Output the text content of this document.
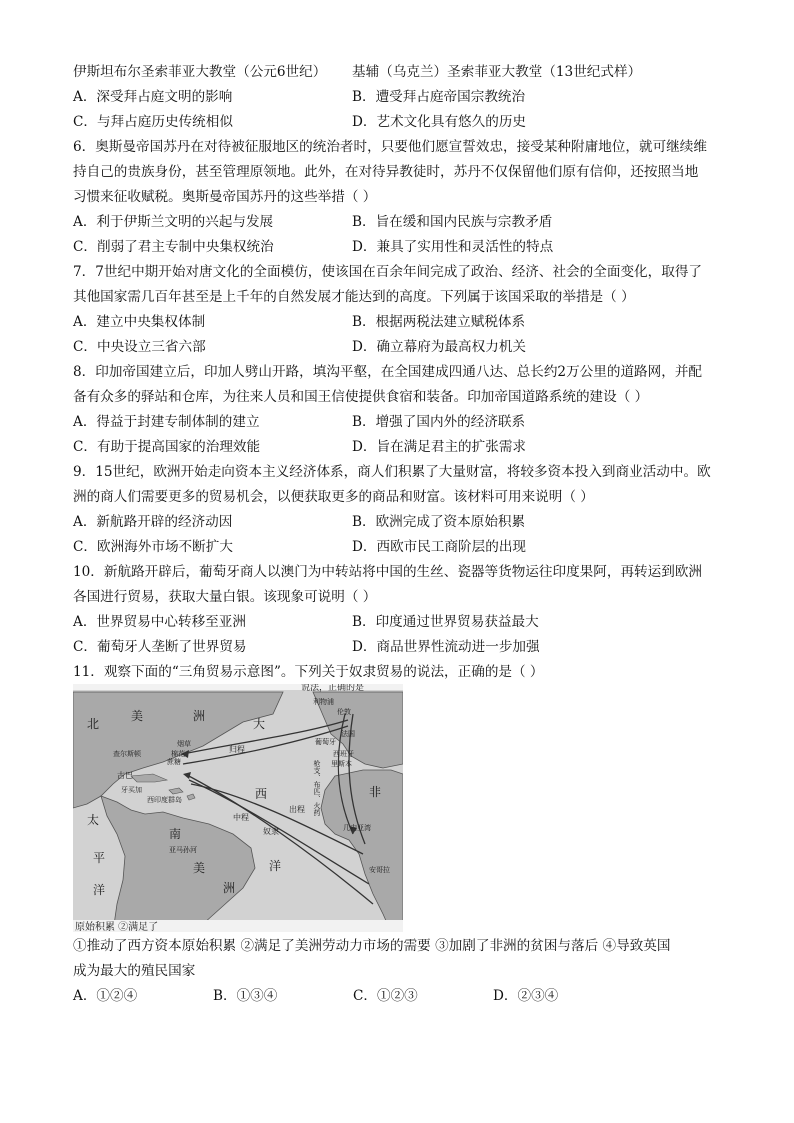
伊斯坦布尔圣索菲亚大教堂（公元6世纪） 基辅（乌克兰）圣索菲亚大教堂（13世纪式样）
A．深受拜占庭文明的影响	B．遭受拜占庭帝国宗教统治
C．与拜占庭历史传统相似	D．艺术文化具有悠久的历史
6．奥斯曼帝国苏丹在对待被征服地区的统治者时，只要他们愿宣誓效忠，接受某种附庸地位，就可继续维
持自己的贵族身份，甚至管理原领地。此外，在对待异教徒时，苏丹不仅保留他们原有信仰，还按照当地
习惯来征收赋税。奥斯曼帝国苏丹的这些举措（ ）
A．利于伊斯兰文明的兴起与发展	B．旨在缓和国内民族与宗教矛盾
C．削弱了君主专制中央集权统治	D．兼具了实用性和灵活性的特点
7．7世纪中期开始对唐文化的全面模仿，使该国在百余年间完成了政治、经济、社会的全面变化，取得了
其他国家需几百年甚至是上千年的自然发展才能达到的高度。下列属于该国采取的举措是（ ）
A．建立中央集权体制	B．根据两税法建立赋税体系
C．中央设立三省六部	D．确立幕府为最高权力机关
8．印加帝国建立后，印加人劈山开路，填沟平壑，在全国建成四通八达、总长约2万公里的道路网，并配
备有众多的驿站和仓库，为往来人员和国王信使提供食宿和装备。印加帝国道路系统的建设（ ）
A．得益于封建专制体制的建立	B．增强了国内外的经济联系
C．有助于提高国家的治理效能	D．旨在满足君主的扩张需求
9．15世纪，欧洲开始走向资本主义经济体系，商人们积累了大量财富，将较多资本投入到商业活动中。欧
洲的商人们需要更多的贸易机会，以便获取更多的商品和财富。该材料可用来说明（ ）
A．新航路开辟的经济动因	B．欧洲完成了资本原始积累
C．欧洲海外市场不断扩大	D．西欧市民工商阶层的出现
10．新航路开辟后，葡萄牙商人以澳门为中转站将中国的生丝、瓷器等货物运往印度果阿，再转运到欧洲
各国进行贸易，获取大量白银。该现象可说明（ ）
A．世界贸易中心转移至亚洲	B．印度通过世界贸易获益最大
C．葡萄牙人垄断了世界贸易	D．商品世界性流动进一步加强
11．观察下面的“三角贸易示意图”。下列关于奴隶贸易的说法，正确的是（ ）
说法，正确的是
北
美	洲
大
查尔斯顿
烟草
棉花
蔗糖
归程
古巴
牙买加
西印度群岛	西
中程
奴隶
出程 枪支、布匹、火药
利物浦
伦敦
法国
葡萄牙
西班牙
里斯本
非
几内亚湾
安哥拉
太
平
洋
南
亚马孙河
美
洲
洋
原始积累 ②满足了
①推动了西方资本原始积累 ②满足了美洲劳动力市场的需要 ③加剧了非洲的贫困与落后 ④导致英国
成为最大的殖民国家
A．①②④	B．①③④	C．①②③	D．②③④
